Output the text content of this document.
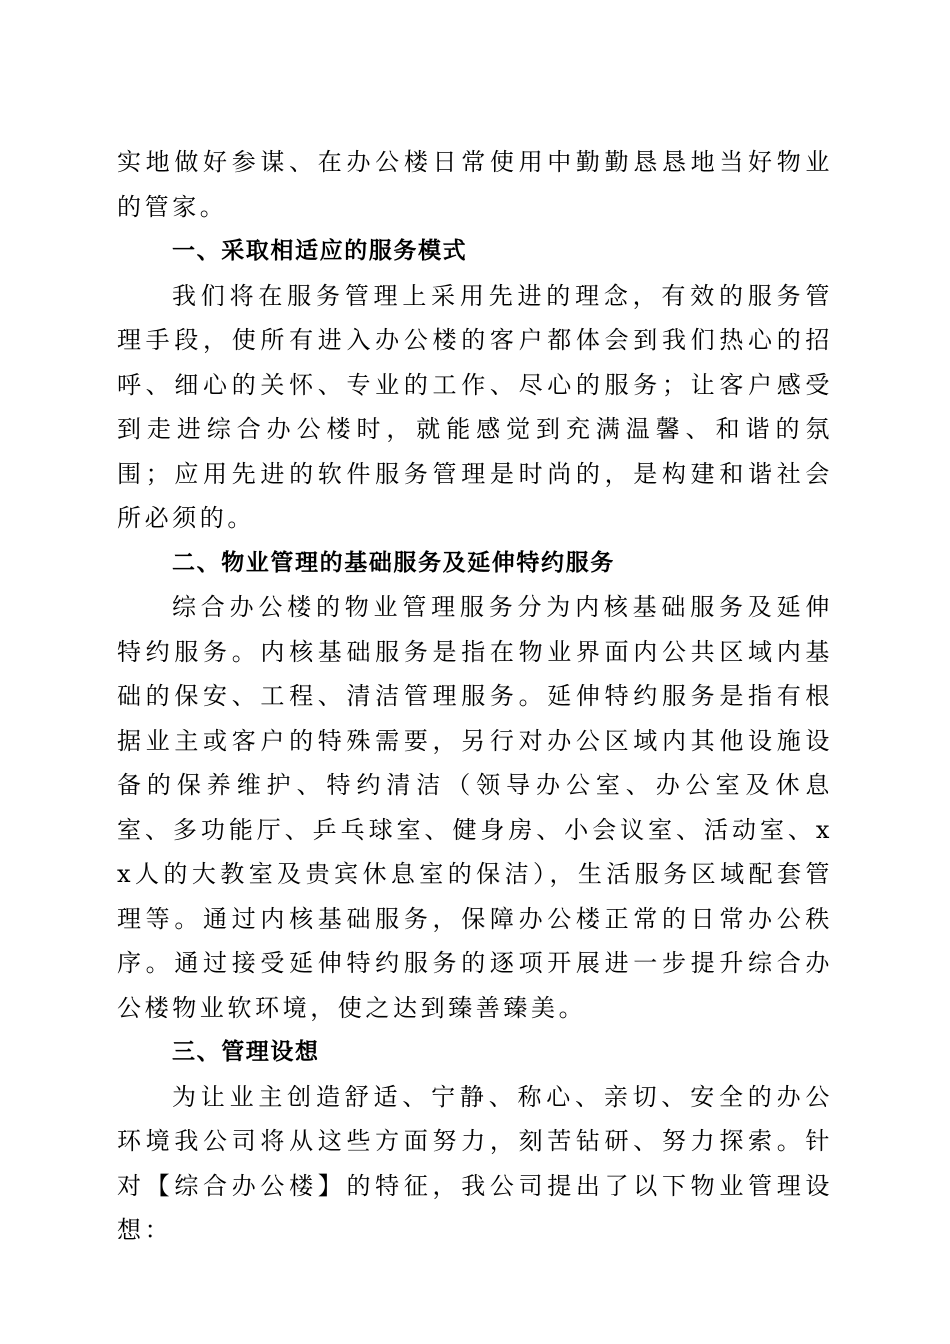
实地做好参谋、在办公楼日常使用中勤勤恳恳地当好物业的管家。

一、采取相适应的服务模式

我们将在服务管理上采用先进的理念，有效的服务管理手段，使所有进入办公楼的客户都体会到我们热心的招呼、细心的关怀、专业的工作、尽心的服务；让客户感受到走进综合办公楼时，就能感觉到充满温馨、和谐的氛围；应用先进的软件服务管理是时尚的，是构建和谐社会所必须的。

二、物业管理的基础服务及延伸特约服务

综合办公楼的物业管理服务分为内核基础服务及延伸特约服务。内核基础服务是指在物业界面内公共区域内基础的保安、工程、清洁管理服务。延伸特约服务是指有根据业主或客户的特殊需要，另行对办公区域内其他设施设备的保养维护、特约清洁（领导办公室、办公室及休息室、多功能厅、乒乓球室、健身房、小会议室、活动室、xx人的大教室及贵宾休息室的保洁），生活服务区域配套管理等。通过内核基础服务，保障办公楼正常的日常办公秩序。通过接受延伸特约服务的逐项开展进一步提升综合办公楼物业软环境，使之达到臻善臻美。

三、管理设想

为让业主创造舒适、宁静、称心、亲切、安全的办公环境我公司将从这些方面努力，刻苦钻研、努力探索。针对【综合办公楼】的特征，我公司提出了以下物业管理设想：
